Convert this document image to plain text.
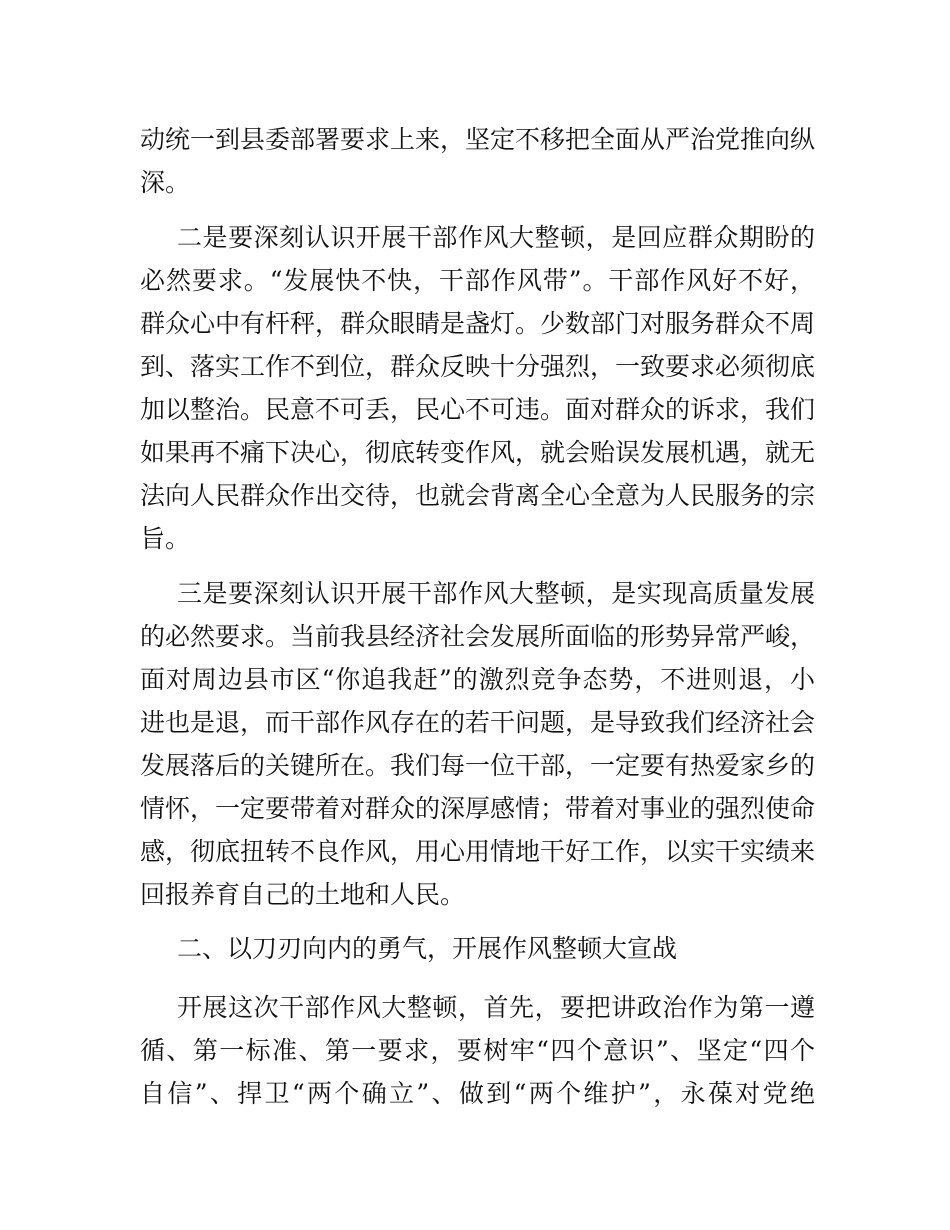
动统一到县委部署要求上来，坚定不移把全面从严治党推向纵
深。
二是要深刻认识开展干部作风大整顿，是回应群众期盼的
必然要求。“发展快不快，干部作风带”。干部作风好不好，
群众心中有杆秤，群众眼睛是盏灯。少数部门对服务群众不周
到、落实工作不到位，群众反映十分强烈，一致要求必须彻底
加以整治。民意不可丢，民心不可违。面对群众的诉求，我们
如果再不痛下决心，彻底转变作风，就会贻误发展机遇，就无
法向人民群众作出交待，也就会背离全心全意为人民服务的宗
旨。
三是要深刻认识开展干部作风大整顿，是实现高质量发展
的必然要求。当前我县经济社会发展所面临的形势异常严峻，
面对周边县市区“你追我赶”的激烈竞争态势，不进则退，小
进也是退，而干部作风存在的若干问题，是导致我们经济社会
发展落后的关键所在。我们每一位干部，一定要有热爱家乡的
情怀，一定要带着对群众的深厚感情；带着对事业的强烈使命
感，彻底扭转不良作风，用心用情地干好工作，以实干实绩来
回报养育自己的土地和人民。
二、以刀刃向内的勇气，开展作风整顿大宣战
开展这次干部作风大整顿，首先，要把讲政治作为第一遵
循、第一标准、第一要求，要树牢“四个意识”、坚定“四个
自信”、捍卫“两个确立”、做到“两个维护”，永葆对党绝
